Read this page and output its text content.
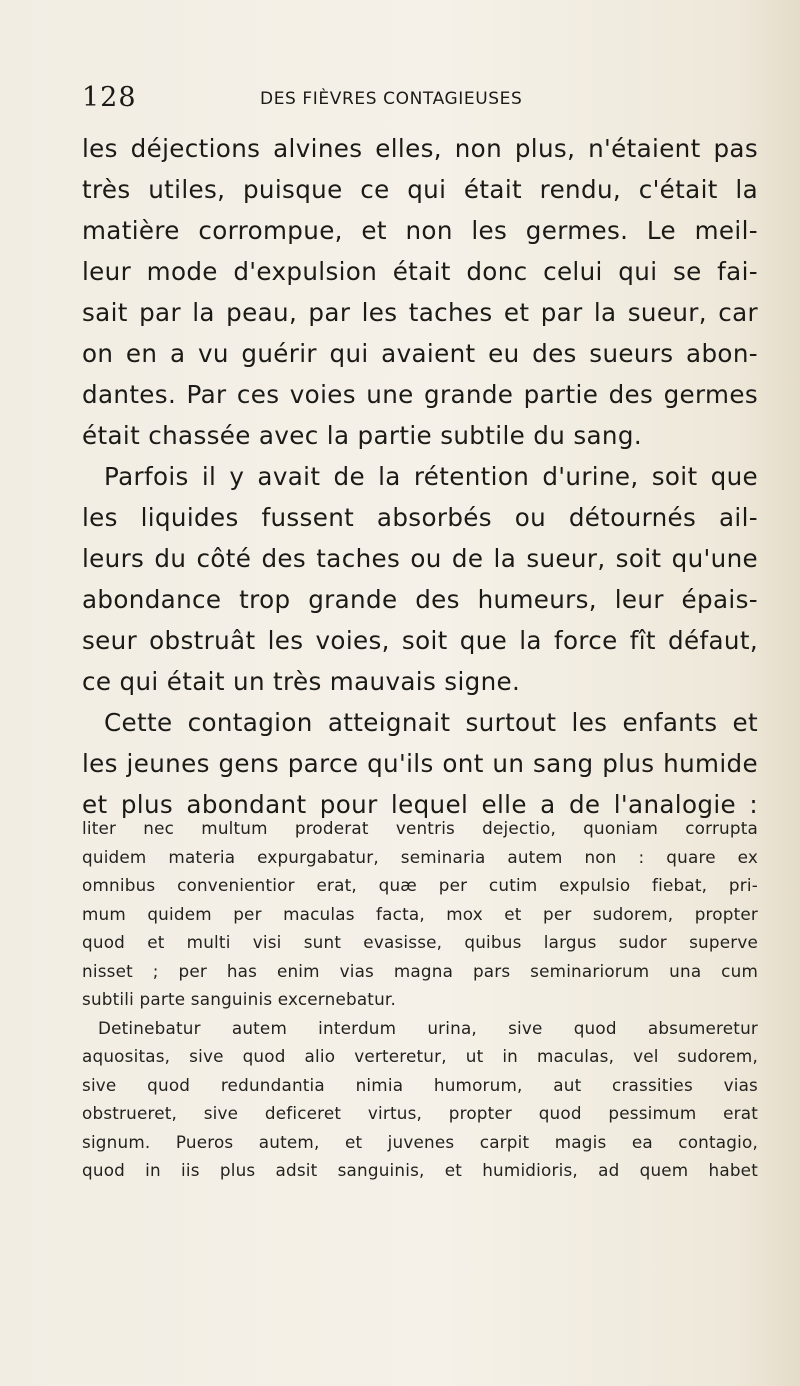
128	DES FIÈVRES CONTAGIEUSES
les déjections alvines elles, non plus, n'étaient pas
très utiles, puisque ce qui était rendu, c'était la
matière corrompue, et non les germes. Le meil-
leur mode d'expulsion était donc celui qui se fai-
sait par la peau, par les taches et par la sueur, car
on en a vu guérir qui avaient eu des sueurs abon-
dantes. Par ces voies une grande partie des germes
était chassée avec la partie subtile du sang.
Parfois il y avait de la rétention d'urine, soit que
les liquides fussent absorbés ou détournés ail-
leurs du côté des taches ou de la sueur, soit qu'une
abondance trop grande des humeurs, leur épais-
seur obstruât les voies, soit que la force fît défaut,
ce qui était un très mauvais signe.
Cette contagion atteignait surtout les enfants et
les jeunes gens parce qu'ils ont un sang plus humide
et plus abondant pour lequel elle a de l'analogie :
liter nec multum proderat ventris dejectio, quoniam corrupta
quidem materia expurgabatur, seminaria autem non : quare ex
omnibus convenientior erat, quæ per cutim expulsio fiebat, pri-
mum quidem per maculas facta, mox et per sudorem, propter
quod et multi visi sunt evasisse, quibus largus sudor superve
nisset ; per has enim vias magna pars seminariorum una cum
subtili parte sanguinis excernebatur.
Detinebatur autem interdum urina, sive quod absumeretur
aquositas, sive quod alio verteretur, ut in maculas, vel sudorem,
sive quod redundantia nimia humorum, aut crassities vias
obstrueret, sive deficeret virtus, propter quod pessimum erat
signum. Pueros autem, et juvenes carpit magis ea contagio,
quod in iis plus adsit sanguinis, et humidioris, ad quem habet
